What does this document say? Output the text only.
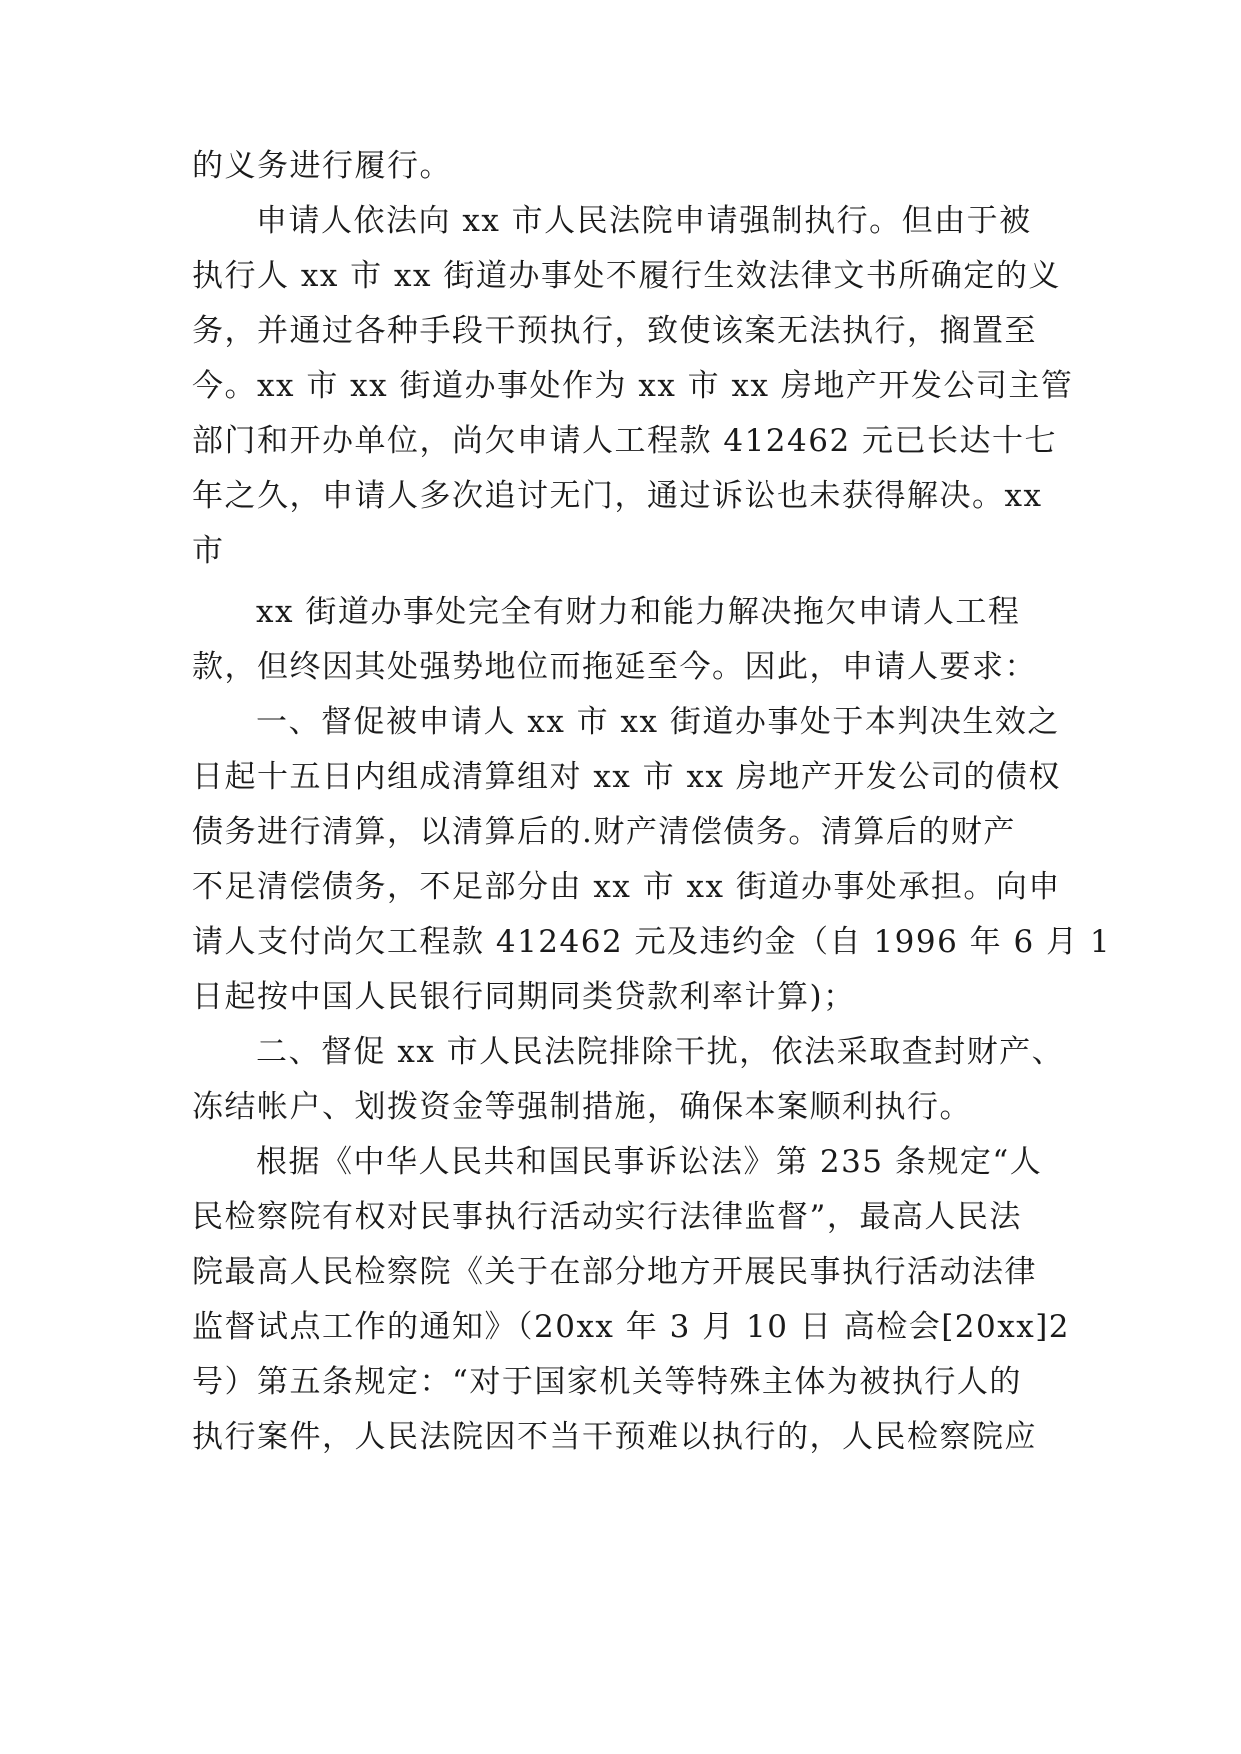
的义务进行履行。
申请人依法向 xx 市人民法院申请强制执行。但由于被
执行人 xx 市 xx 街道办事处不履行生效法律文书所确定的义
务，并通过各种手段干预执行，致使该案无法执行，搁置至
今。xx 市 xx 街道办事处作为 xx 市 xx 房地产开发公司主管
部门和开办单位，尚欠申请人工程款 412462 元已长达十七
年之久，申请人多次追讨无门，通过诉讼也未获得解决。xx
市
xx 街道办事处完全有财力和能力解决拖欠申请人工程
款，但终因其处强势地位而拖延至今。因此，申请人要求：
一、督促被申请人 xx 市 xx 街道办事处于本判决生效之
日起十五日内组成清算组对 xx 市 xx 房地产开发公司的债权
债务进行清算，以清算后的.财产清偿债务。清算后的财产
不足清偿债务，不足部分由 xx 市 xx 街道办事处承担。向申
请人支付尚欠工程款 412462 元及违约金（自 1996 年 6 月 1
日起按中国人民银行同期同类贷款利率计算)；
二、督促 xx 市人民法院排除干扰，依法采取查封财产、
冻结帐户、划拨资金等强制措施，确保本案顺利执行。
根据《中华人民共和国民事诉讼法》第 235 条规定“人
民检察院有权对民事执行活动实行法律监督”，最高人民法
院最高人民检察院《关于在部分地方开展民事执行活动法律
监督试点工作的通知》（20xx 年 3 月 10 日 高检会[20xx]2
号）第五条规定：“对于国家机关等特殊主体为被执行人的
执行案件，人民法院因不当干预难以执行的，人民检察院应
